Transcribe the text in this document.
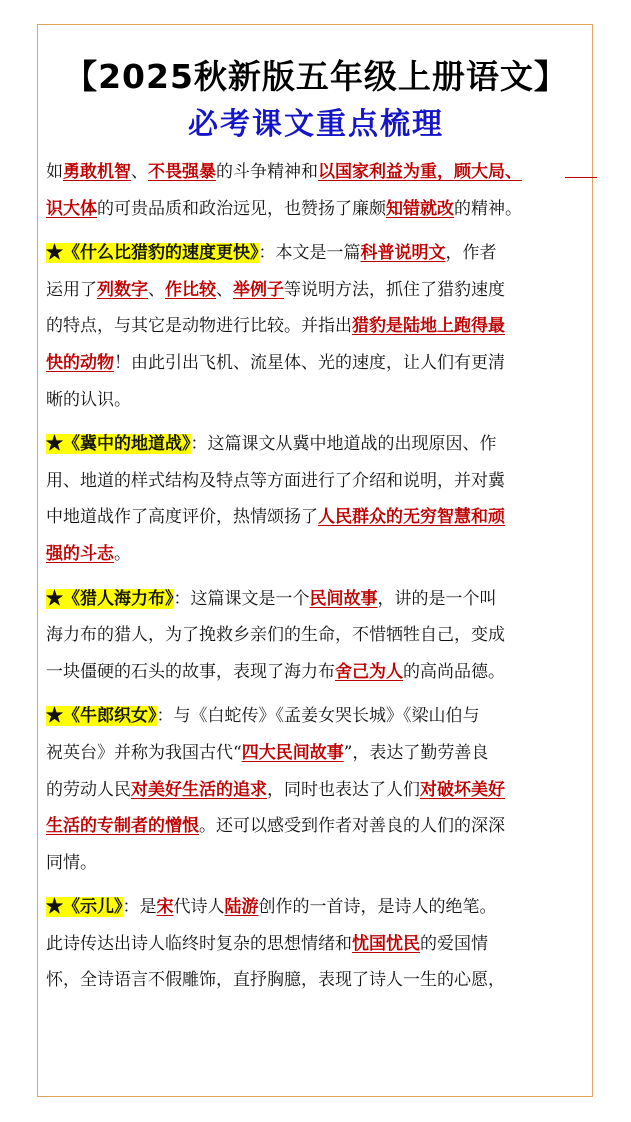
【2025秋新版五年级上册语文】
必考课文重点梳理
如勇敢机智、不畏强暴的斗争精神和以国家利益为重，顾大局、
识大体的可贵品质和政治远见，也赞扬了廉颇知错就改的精神。
★《什么比猎豹的速度更快》：本文是一篇科普说明文，作者
运用了列数字、作比较、举例子等说明方法，抓住了猎豹速度
的特点，与其它是动物进行比较。并指出猎豹是陆地上跑得最
快的动物！由此引出飞机、流星体、光的速度，让人们有更清
晰的认识。
★《冀中的地道战》：这篇课文从冀中地道战的出现原因、作
用、地道的样式结构及特点等方面进行了介绍和说明，并对冀
中地道战作了高度评价，热情颂扬了人民群众的无穷智慧和顽
强的斗志。
★《猎人海力布》：这篇课文是一个民间故事，讲的是一个叫
海力布的猎人，为了挽救乡亲们的生命，不惜牺牲自己，变成
一块僵硬的石头的故事，表现了海力布舍己为人的高尚品德。
★《牛郎织女》：与《白蛇传》《孟姜女哭长城》《梁山伯与
祝英台》并称为我国古代“四大民间故事”，表达了勤劳善良
的劳动人民对美好生活的追求，同时也表达了人们对破坏美好
生活的专制者的憎恨。还可以感受到作者对善良的人们的深深
同情。
★《示儿》：是宋代诗人陆游创作的一首诗，是诗人的绝笔。
此诗传达出诗人临终时复杂的思想情绪和忧国忧民的爱国情
怀，全诗语言不假雕饰，直抒胸臆，表现了诗人一生的心愿，
